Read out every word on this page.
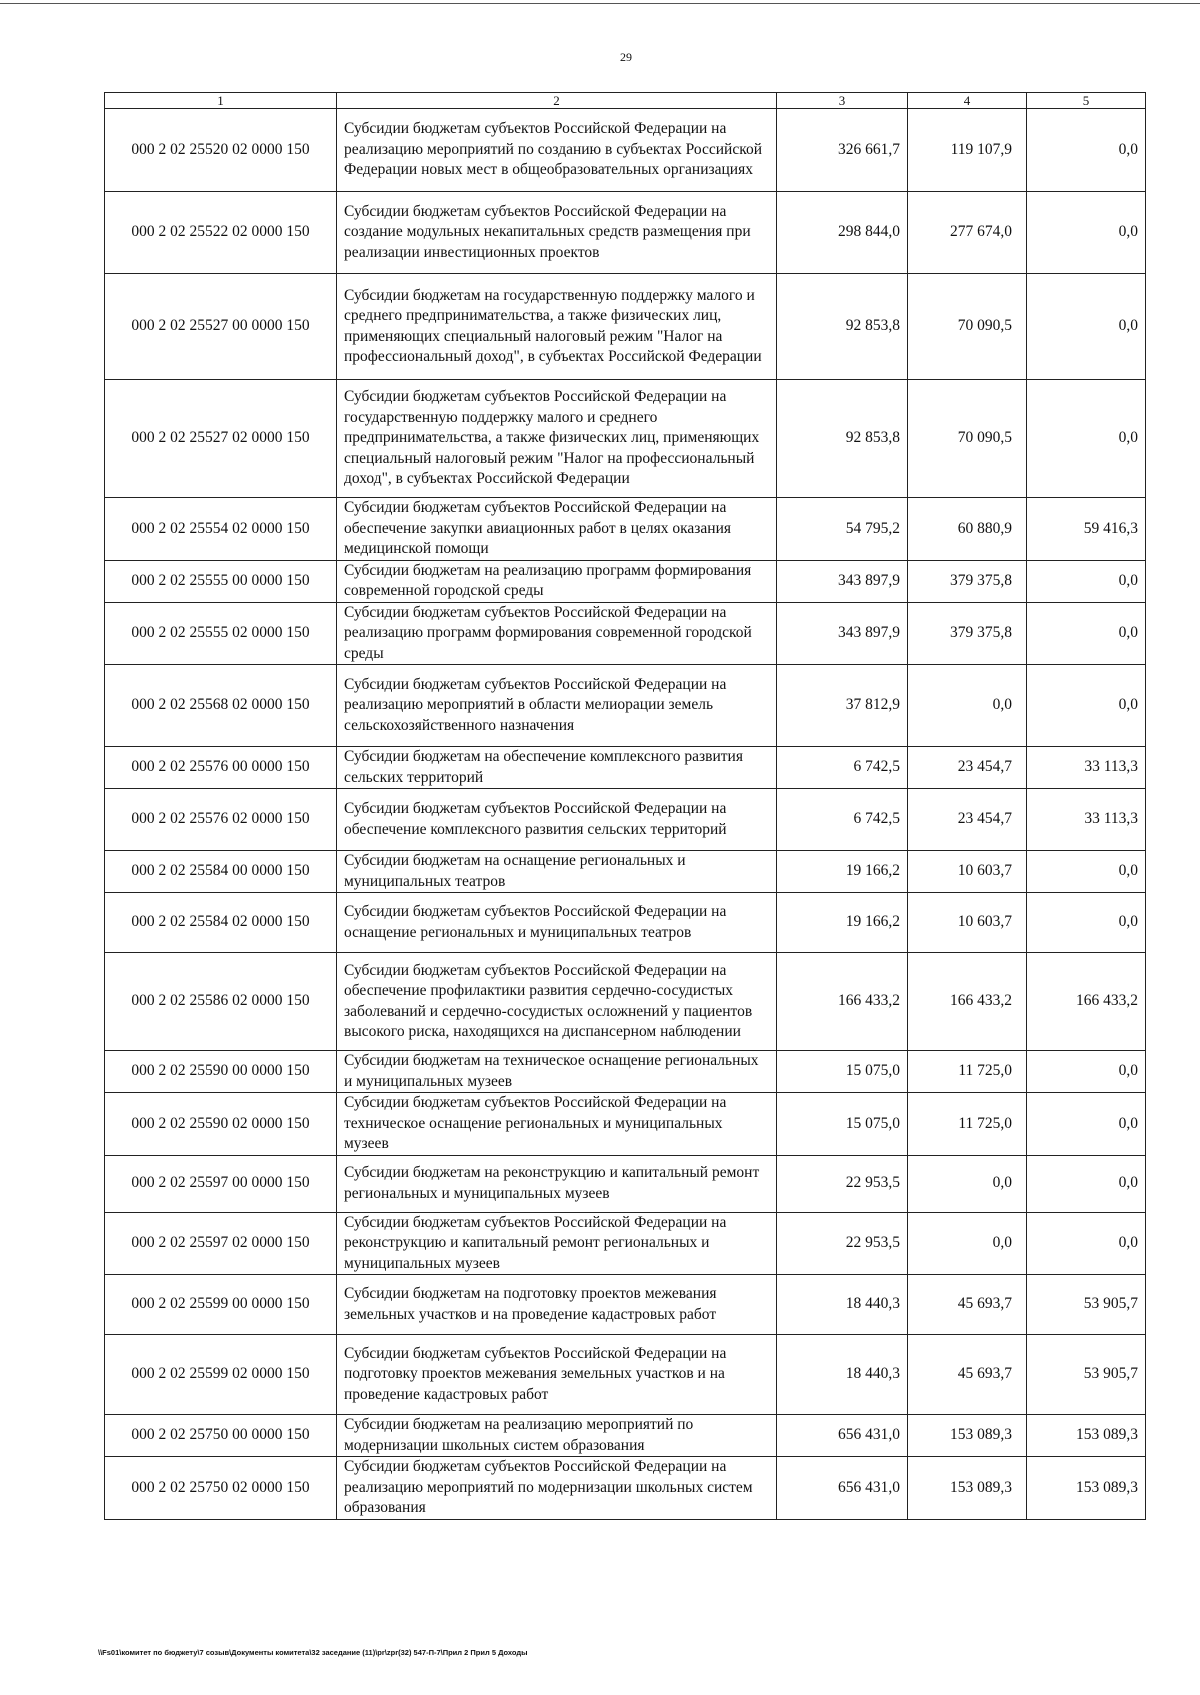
29
1	2	3	4	5
000 2 02 25520 02 0000 150	Субсидии бюджетам субъектов Российской Федерации на реализацию мероприятий по созданию в субъектах Российской Федерации новых мест в общеобразовательных организациях	326 661,7	119 107,9	0,0
000 2 02 25522 02 0000 150	Субсидии бюджетам субъектов Российской Федерации на создание модульных некапитальных средств размещения при реализации инвестиционных проектов	298 844,0	277 674,0	0,0
000 2 02 25527 00 0000 150	Субсидии бюджетам на государственную поддержку малого и среднего предпринимательства, а также физических лиц, применяющих специальный налоговый режим "Налог на профессиональный доход", в субъектах Российской Федерации	92 853,8	70 090,5	0,0
000 2 02 25527 02 0000 150	Субсидии бюджетам субъектов Российской Федерации на государственную поддержку малого и среднего предпринимательства, а также физических лиц, применяющих специальный налоговый режим "Налог на профессиональный доход", в субъектах Российской Федерации	92 853,8	70 090,5	0,0
000 2 02 25554 02 0000 150	Субсидии бюджетам субъектов Российской Федерации на обеспечение закупки авиационных работ в целях оказания медицинской помощи	54 795,2	60 880,9	59 416,3
000 2 02 25555 00 0000 150	Субсидии бюджетам на реализацию программ формирования современной городской среды	343 897,9	379 375,8	0,0
000 2 02 25555 02 0000 150	Субсидии бюджетам субъектов Российской Федерации на реализацию программ формирования современной городской среды	343 897,9	379 375,8	0,0
000 2 02 25568 02 0000 150	Субсидии бюджетам субъектов Российской Федерации на реализацию мероприятий в области мелиорации земель сельскохозяйственного назначения	37 812,9	0,0	0,0
000 2 02 25576 00 0000 150	Субсидии бюджетам на обеспечение комплексного развития сельских территорий	6 742,5	23 454,7	33 113,3
000 2 02 25576 02 0000 150	Субсидии бюджетам субъектов Российской Федерации на обеспечение комплексного развития сельских территорий	6 742,5	23 454,7	33 113,3
000 2 02 25584 00 0000 150	Субсидии бюджетам на оснащение региональных и муниципальных театров	19 166,2	10 603,7	0,0
000 2 02 25584 02 0000 150	Субсидии бюджетам субъектов Российской Федерации на оснащение региональных и муниципальных театров	19 166,2	10 603,7	0,0
000 2 02 25586 02 0000 150	Субсидии бюджетам субъектов Российской Федерации на обеспечение профилактики развития сердечно-сосудистых заболеваний и сердечно-сосудистых осложнений у пациентов высокого риска, находящихся на диспансерном наблюдении	166 433,2	166 433,2	166 433,2
000 2 02 25590 00 0000 150	Субсидии бюджетам на техническое оснащение региональных и муниципальных музеев	15 075,0	11 725,0	0,0
000 2 02 25590 02 0000 150	Субсидии бюджетам субъектов Российской Федерации на техническое оснащение региональных и муниципальных музеев	15 075,0	11 725,0	0,0
000 2 02 25597 00 0000 150	Субсидии бюджетам на реконструкцию и капитальный ремонт региональных и муниципальных музеев	22 953,5	0,0	0,0
000 2 02 25597 02 0000 150	Субсидии бюджетам субъектов Российской Федерации на реконструкцию и капитальный ремонт региональных и муниципальных музеев	22 953,5	0,0	0,0
000 2 02 25599 00 0000 150	Субсидии бюджетам на подготовку проектов межевания земельных участков и на проведение кадастровых работ	18 440,3	45 693,7	53 905,7
000 2 02 25599 02 0000 150	Субсидии бюджетам субъектов Российской Федерации на подготовку проектов межевания земельных участков и на проведение кадастровых работ	18 440,3	45 693,7	53 905,7
000 2 02 25750 00 0000 150	Субсидии бюджетам на реализацию мероприятий по модернизации школьных систем образования	656 431,0	153 089,3	153 089,3
000 2 02 25750 02 0000 150	Субсидии бюджетам субъектов Российской Федерации на реализацию мероприятий по модернизации школьных систем образования	656 431,0	153 089,3	153 089,3
\\Fs01\комитет по бюджету\7 созыв\Документы комитета\32 заседание (11)\pr\zpr(32) 547-П-7\Прил 2 Прил 5 Доходы
